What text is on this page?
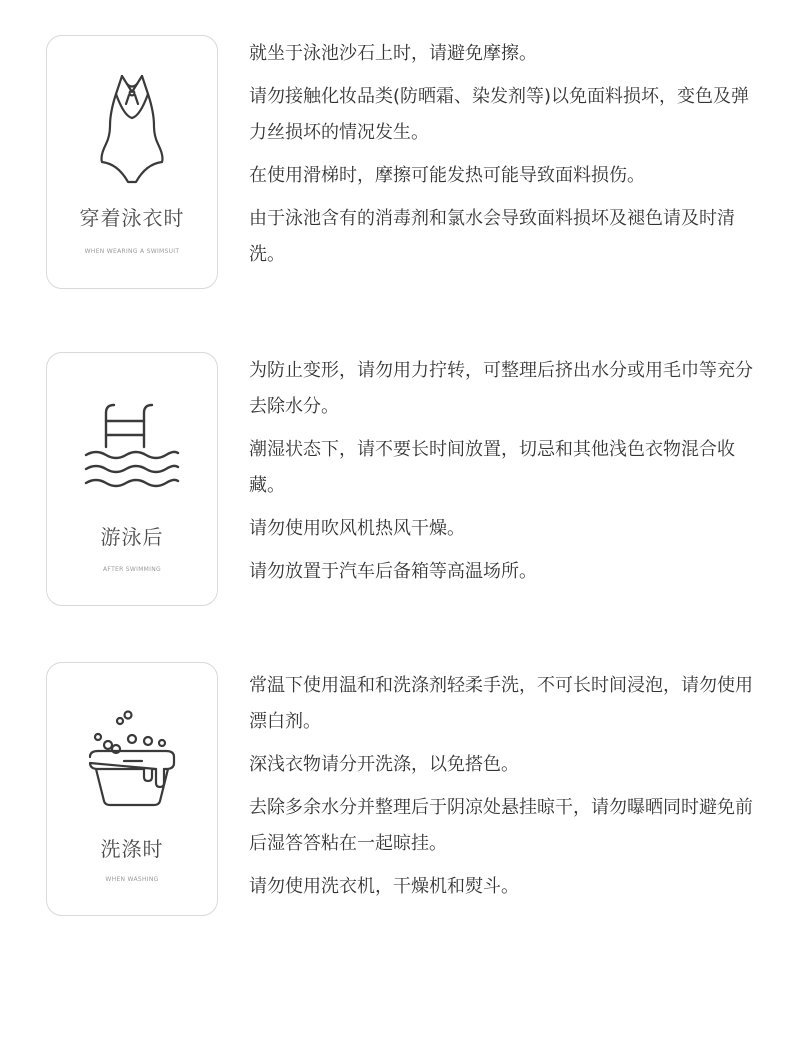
穿着泳衣时
WHEN WEARING A SWIMSUIT

就坐于泳池沙石上时，请避免摩擦。

请勿接触化妆品类(防晒霜、染发剂等)以免面料损坏，变色及弹力丝损坏的情况发生。

在使用滑梯时，摩擦可能发热可能导致面料损伤。

由于泳池含有的消毒剂和氯水会导致面料损坏及褪色请及时清洗。

游泳后
AFTER SWIMMING

为防止变形，请勿用力拧转，可整理后挤出水分或用毛巾等充分去除水分。

潮湿状态下，请不要长时间放置，切忌和其他浅色衣物混合收藏。

请勿使用吹风机热风干燥。

请勿放置于汽车后备箱等高温场所。

洗涤时
WHEN WASHING

常温下使用温和和洗涤剂轻柔手洗，不可长时间浸泡，请勿使用漂白剂。

深浅衣物请分开洗涤，以免搭色。

去除多余水分并整理后于阴凉处悬挂晾干，请勿曝晒同时避免前后湿答答粘在一起晾挂。

请勿使用洗衣机，干燥机和熨斗。
